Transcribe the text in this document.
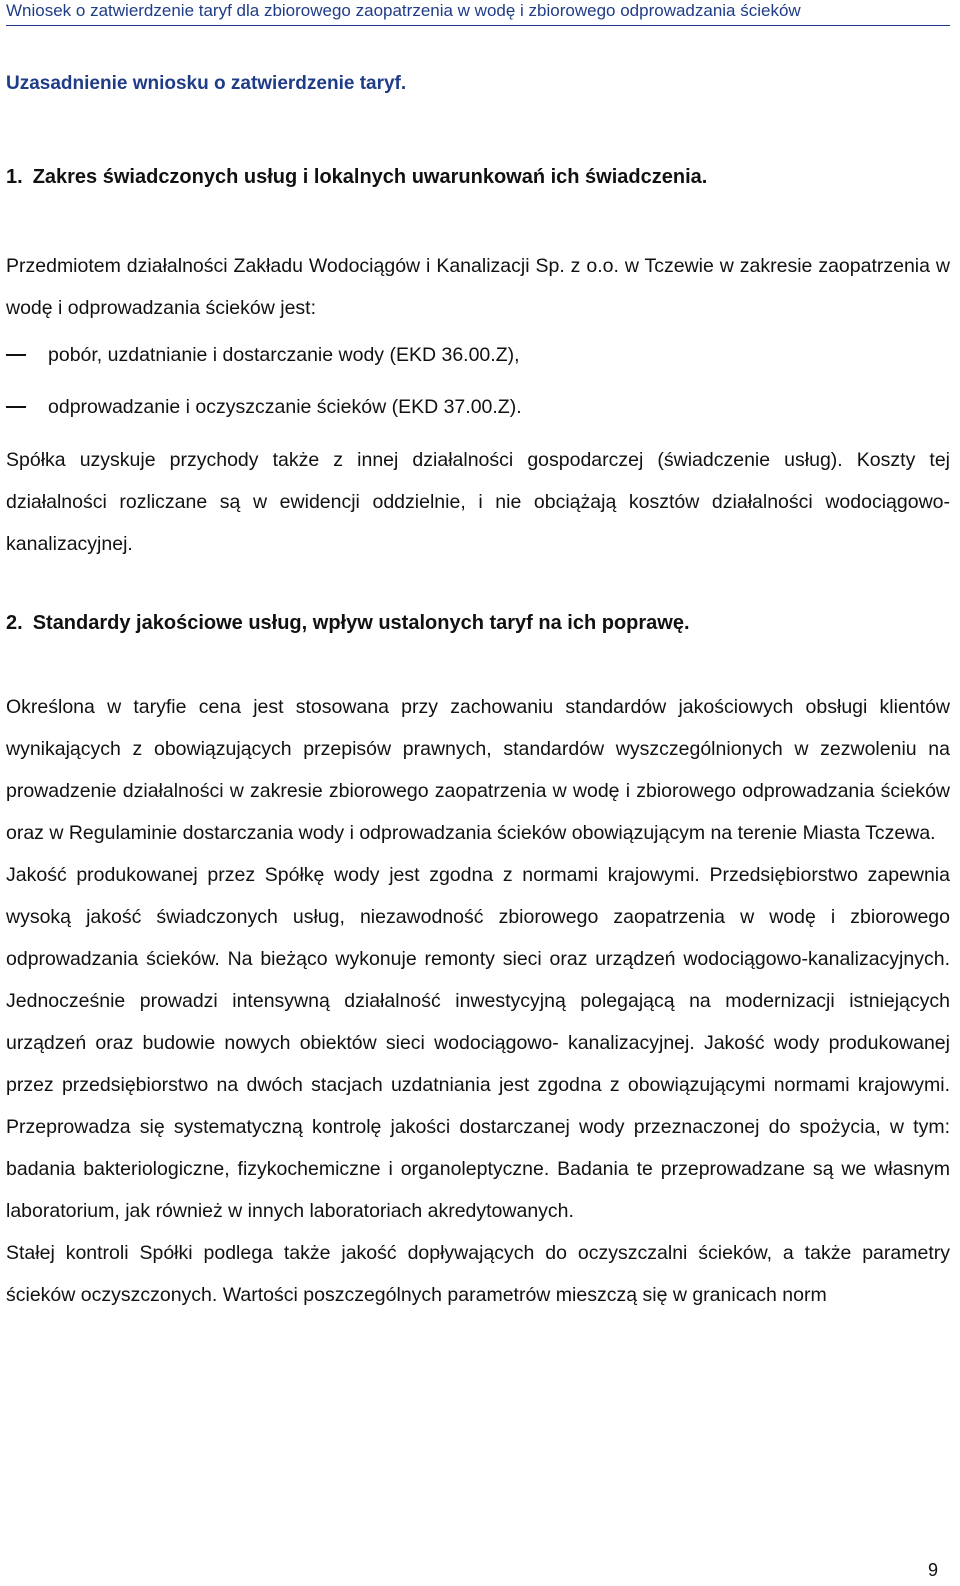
Wniosek o zatwierdzenie taryf dla zbiorowego zaopatrzenia w wodę i zbiorowego odprowadzania ścieków
Uzasadnienie wniosku o zatwierdzenie taryf.
1. Zakres świadczonych usług i lokalnych uwarunkowań ich świadczenia.

Przedmiotem działalności Zakładu Wodociągów i Kanalizacji Sp. z o.o. w Tczewie w zakresie zaopatrzenia w wodę i odprowadzania ścieków jest:

pobór, uzdatnianie i dostarczanie wody (EKD 36.00.Z),
odprowadzanie i oczyszczanie ścieków (EKD 37.00.Z).

Spółka uzyskuje przychody także z innej działalności gospodarczej (świadczenie usług). Koszty tej działalności rozliczane są w ewidencji oddzielnie, i nie obciążają kosztów działalności wodociągowo-kanalizacyjnej.

2. Standardy jakościowe usług, wpływ ustalonych taryf na ich poprawę.

Określona w taryfie cena jest stosowana przy zachowaniu standardów jakościowych obsługi klientów wynikających z obowiązujących przepisów prawnych, standardów wyszczególnionych w zezwoleniu na prowadzenie działalności w zakresie zbiorowego zaopatrzenia w wodę i zbiorowego odprowadzania ścieków oraz w Regulaminie dostarczania wody i odprowadzania ścieków obowiązującym na terenie Miasta Tczewa.

Jakość produkowanej przez Spółkę wody jest zgodna z normami krajowymi. Przedsiębiorstwo zapewnia wysoką jakość świadczonych usług, niezawodność zbiorowego zaopatrzenia w wodę i zbiorowego odprowadzania ścieków. Na bieżąco wykonuje remonty sieci oraz urządzeń wodociągowo-kanalizacyjnych. Jednocześnie prowadzi intensywną działalność inwestycyjną polegającą na modernizacji istniejących urządzeń oraz budowie nowych obiektów sieci wodociągowo- kanalizacyjnej. Jakość wody produkowanej przez przedsiębiorstwo na dwóch stacjach uzdatniania jest zgodna z obowiązującymi normami krajowymi. Przeprowadza się systematyczną kontrolę jakości dostarczanej wody przeznaczonej do spożycia, w tym: badania bakteriologiczne, fizykochemiczne i organoleptyczne. Badania te przeprowadzane są we własnym laboratorium, jak również w innych laboratoriach akredytowanych.

Stałej kontroli Spółki podlega także jakość dopływających do oczyszczalni ścieków, a także parametry ścieków oczyszczonych. Wartości poszczególnych parametrów mieszczą się w granicach norm

9
